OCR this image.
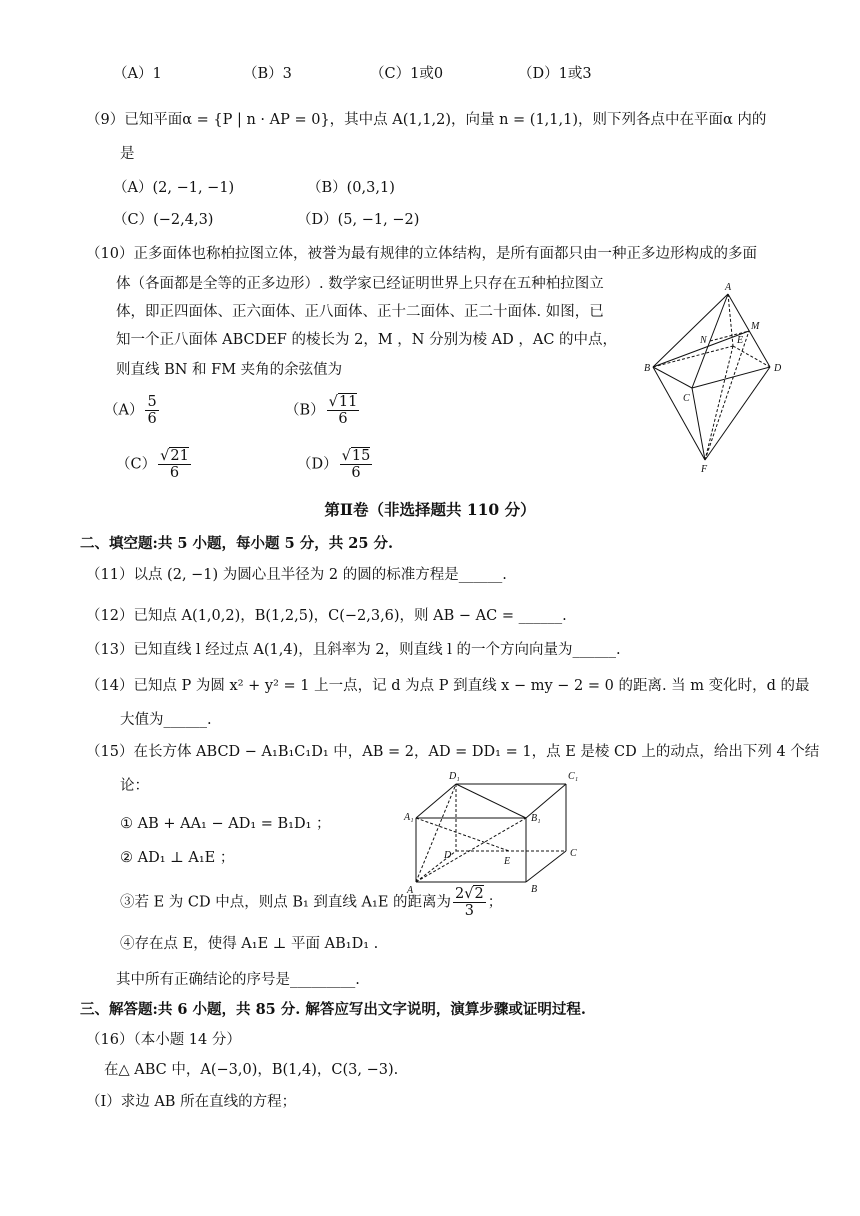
（A）1	（B）3	（C）1或0	（D）1或3
（9）已知平面α = {P | n · AP = 0}，其中点 A(1,1,2)，向量 n = (1,1,1)，则下列各点中在平面α 内的
是
（A）(2, −1, −1)	（B）(0,3,1)
（C）(−2,4,3)	（D）(5, −1, −2)
（10）正多面体也称柏拉图立体，被誉为最有规律的立体结构，是所有面都只由一种正多边形构成的多面
体（各面都是全等的正多边形）. 数学家已经证明世界上只存在五种柏拉图立
体，即正四面体、正六面体、正八面体、正十二面体、正二十面体. 如图，已
知一个正八面体 ABCDEF 的棱长为 2，M ，N 分别为棱 AD ，AC 的中点，
则直线 BN 和 FM 夹角的余弦值为
$(A) \frac{5}{6}$	$(B) \frac{√11}{6}$
$(C) \frac{√21}{6}$	$(D) \frac{√15}{6}$
A
B
C
D
E
F
M
N
第Ⅱ卷（非选择题共 110 分）
二、填空题:共 5 小题，每小题 5 分，共 25 分.
（11）以点 (2, −1) 为圆心且半径为 2 的圆的标准方程是______.
（12）已知点 A(1,0,2)，B(1,2,5)，C(−2,3,6)，则 AB − AC = ______.
（13）已知直线 l 经过点 A(1,4)，且斜率为 2，则直线 l 的一个方向向量为______.
（14）已知点 P 为圆 x² + y² = 1 上一点，记 d 为点 P 到直线 x − my − 2 = 0 的距离. 当 m 变化时，d 的最
大值为______.
（15）在长方体 ABCD − A₁B₁C₁D₁ 中，AB = 2，AD = DD₁ = 1，点 E 是棱 CD 上的动点，给出下列 4 个结
论：
① AB + AA₁ − AD₁ = B₁D₁ ；
② AD₁ ⊥ A₁E ；
③若 E 为 CD 中点，则点 B₁ 到直线 A₁E 的距离为 $\frac{2√2}{3}$ ；
④存在点 E，使得 A₁E ⊥ 平面 AB₁D₁ .
其中所有正确结论的序号是_________.
D₁	C₁
A₁	B₁
D
E
C
A	B
三、解答题:共 6 小题，共 85 分. 解答应写出文字说明，演算步骤或证明过程.
（16）（本小题 14 分）
在△ ABC 中，A(−3,0)，B(1,4)，C(3, −3).
（Ⅰ）求边 AB 所在直线的方程；
